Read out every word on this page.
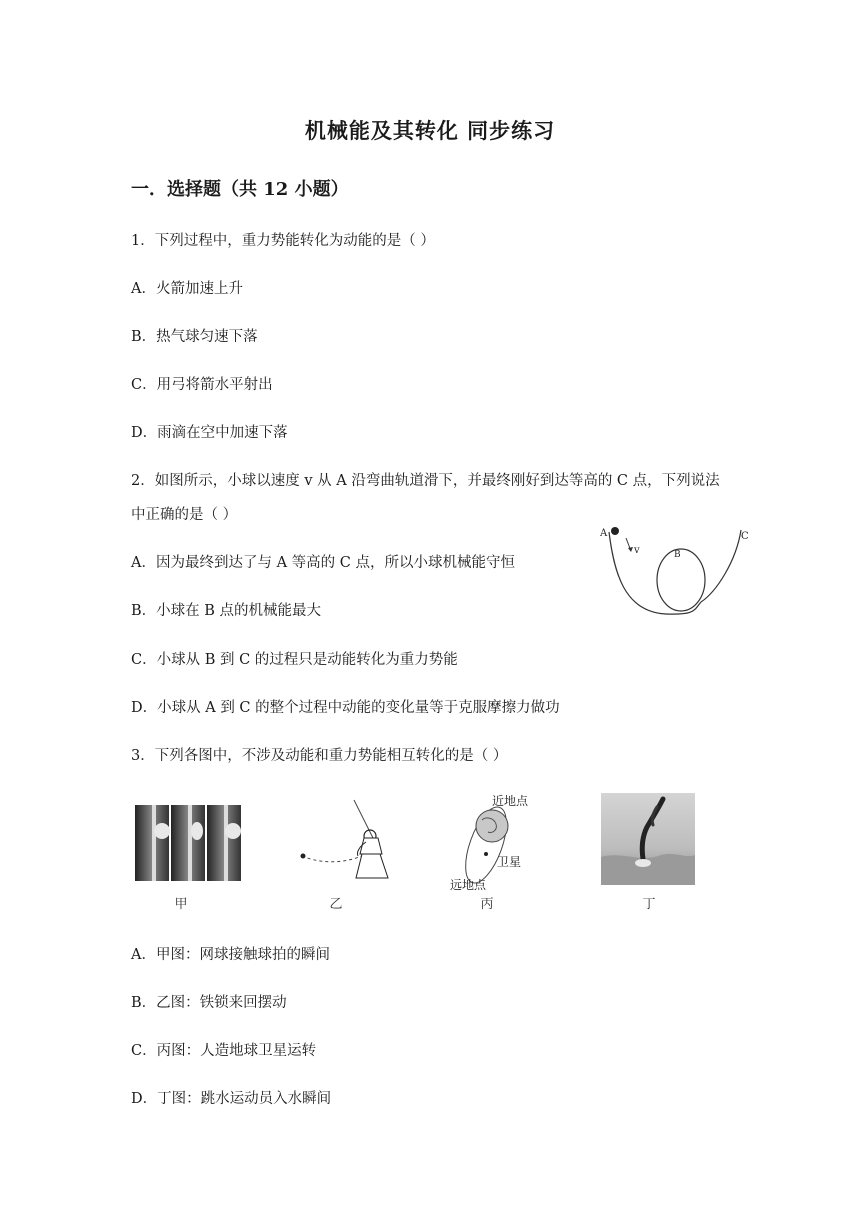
机械能及其转化 同步练习
一．选择题（共 12 小题）
1．下列过程中，重力势能转化为动能的是（ ）
A．火箭加速上升
B．热气球匀速下落
C．用弓将箭水平射出
D．雨滴在空中加速下落
2．如图所示，小球以速度 v 从 A 沿弯曲轨道滑下，并最终刚好到达等高的 C 点，下列说法
中正确的是（ ）
A．因为最终到达了与 A 等高的 C 点，所以小球机械能守恒
B．小球在 B 点的机械能最大
C．小球从 B 到 C 的过程只是动能转化为重力势能
D．小球从 A 到 C 的整个过程中动能的变化量等于克服摩擦力做功
A
v	B
C
3．下列各图中，不涉及动能和重力势能相互转化的是（ ）
甲	乙
近地点
卫星
远地点
丙	丁
A．甲图：网球接触球拍的瞬间
B．乙图：铁锁来回摆动
C．丙图：人造地球卫星运转
D．丁图：跳水运动员入水瞬间
